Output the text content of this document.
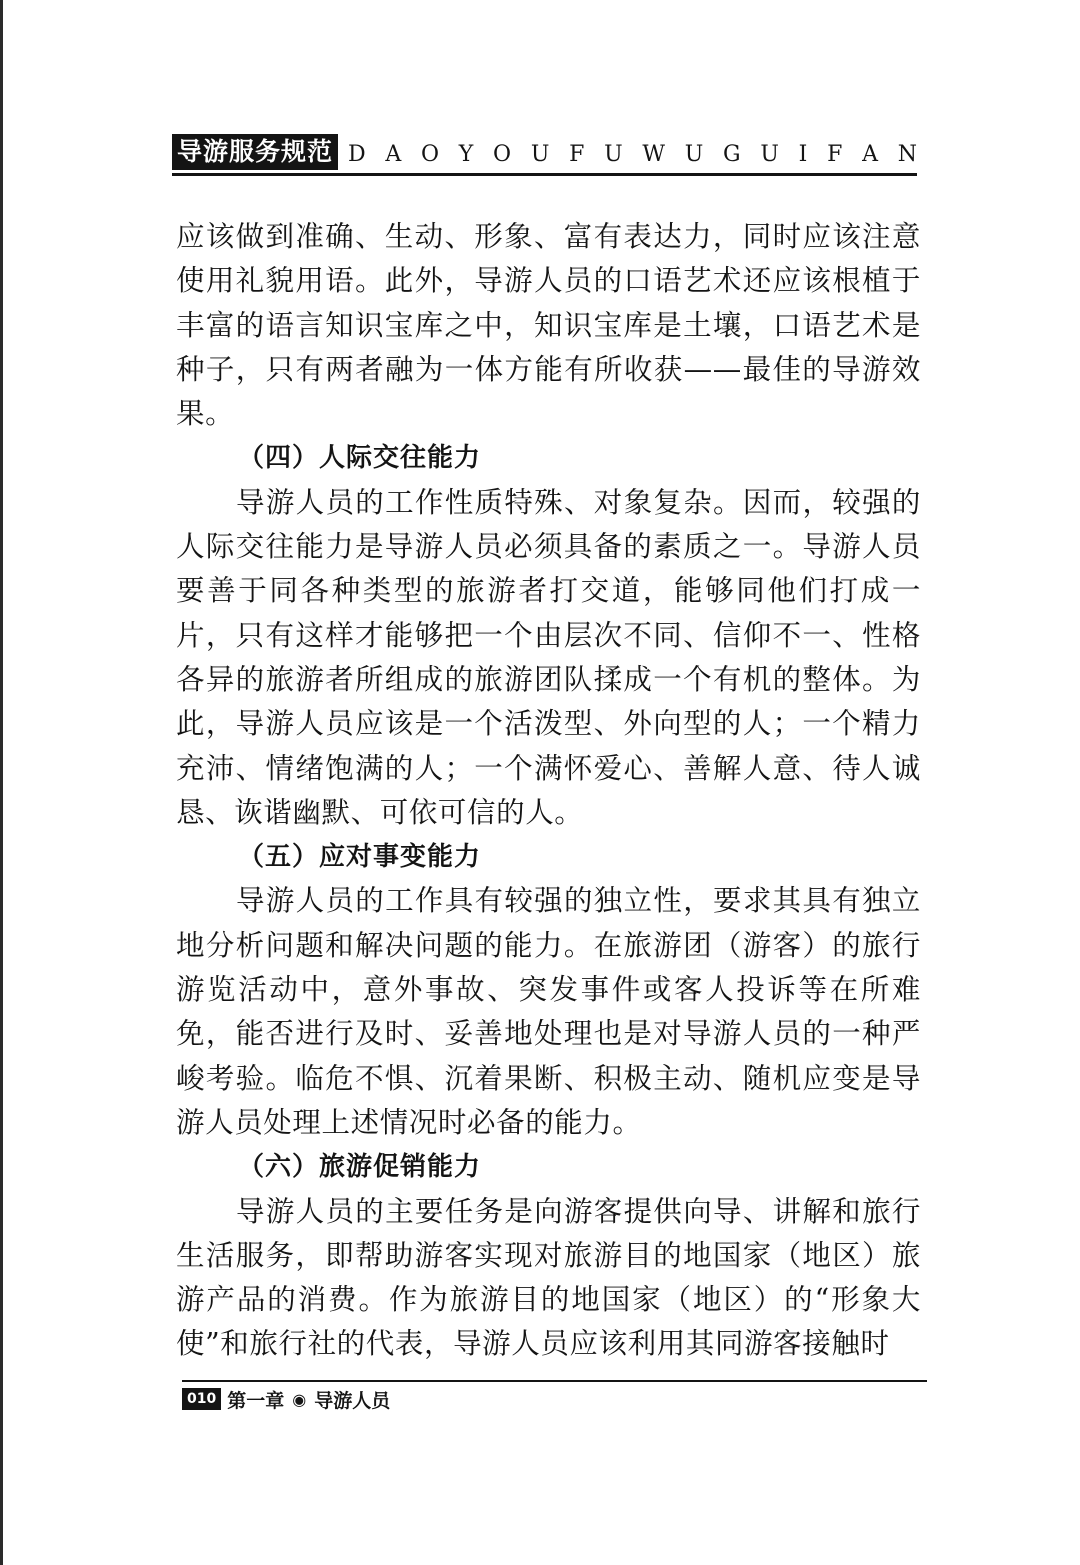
导游服务规范 D A O Y O U F U W U G U I F A N

应该做到准确、生动、形象、富有表达力，同时应该注意使用礼貌用语。此外，导游人员的口语艺术还应该根植于丰富的语言知识宝库之中，知识宝库是土壤，口语艺术是种子，只有两者融为一体方能有所收获——最佳的导游效果。

（四）人际交往能力

导游人员的工作性质特殊、对象复杂。因而，较强的人际交往能力是导游人员必须具备的素质之一。导游人员要善于同各种类型的旅游者打交道，能够同他们打成一片，只有这样才能够把一个由层次不同、信仰不一、性格各异的旅游者所组成的旅游团队揉成一个有机的整体。为此，导游人员应该是一个活泼型、外向型的人；一个精力充沛、情绪饱满的人；一个满怀爱心、善解人意、待人诚恳、诙谐幽默、可依可信的人。

（五）应对事变能力

导游人员的工作具有较强的独立性，要求其具有独立地分析问题和解决问题的能力。在旅游团（游客）的旅行游览活动中，意外事故、突发事件或客人投诉等在所难免，能否进行及时、妥善地处理也是对导游人员的一种严峻考验。临危不惧、沉着果断、积极主动、随机应变是导游人员处理上述情况时必备的能力。

（六）旅游促销能力

导游人员的主要任务是向游客提供向导、讲解和旅行生活服务，即帮助游客实现对旅游目的地国家（地区）旅游产品的消费。作为旅游目的地国家（地区）的“形象大使”和旅行社的代表，导游人员应该利用其同游客接触时

010 第一章 ◉ 导游人员
